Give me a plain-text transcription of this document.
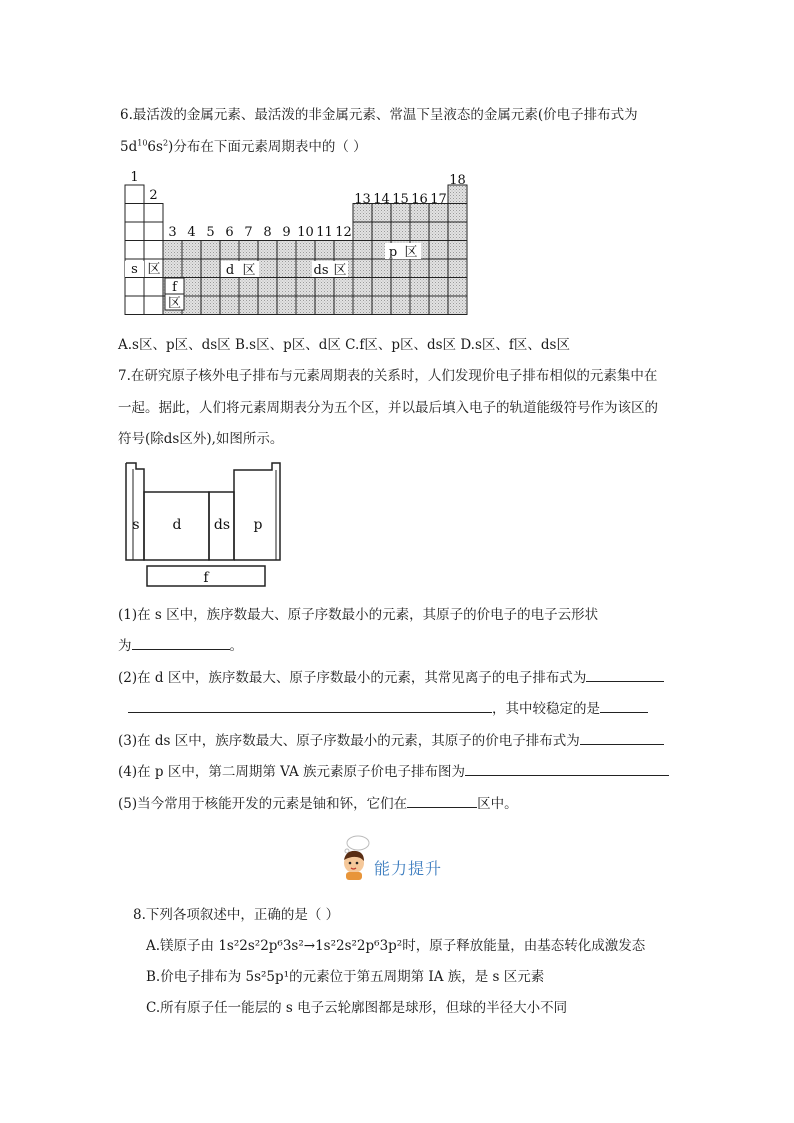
6.最活泼的金属元素、最活泼的非金属元素、常温下呈液态的金属元素(价电子排布式为
$5d^{10}6s^2$)分布在下面元素周期表中的（ ）
1
2
3 4 5 6 7 8 9 10 11 12
13 14 15 16 17
18
s 区	d 区	ds 区
p 区
f
区
A.s区、p区、ds区 B.s区、p区、d区 C.f区、p区、ds区 D.s区、f区、ds区
7.在研究原子核外电子排布与元素周期表的关系时，人们发现价电子排布相似的元素集中在
一起。据此，人们将元素周期表分为五个区，并以最后填入电子的轨道能级符号作为该区的
符号(除ds区外),如图所示。
s d ds p
f
(1)在 s 区中，族序数最大、原子序数最小的元素，其原子的价电子的电子云形状
为	。
(2)在 d 区中，族序数最大、原子序数最小的元素，其常见离子的电子排布式为
，其中较稳定的是
(3)在 ds 区中，族序数最大、原子序数最小的元素，其原子的价电子排布式为
(4)在 p 区中，第二周期第 VA 族元素原子价电子排布图为
(5)当今常用于核能开发的元素是铀和钚，它们在	区中。
能力提升
8.下列各项叙述中，正确的是（ ）
A.镁原子由 1s²2s²2p⁶3s²→1s²2s²2p⁶3p²时，原子释放能量，由基态转化成激发态
B.价电子排布为 5s²5p¹的元素位于第五周期第 IA 族，是 s 区元素
C.所有原子任一能层的 s 电子云轮廓图都是球形，但球的半径大小不同
